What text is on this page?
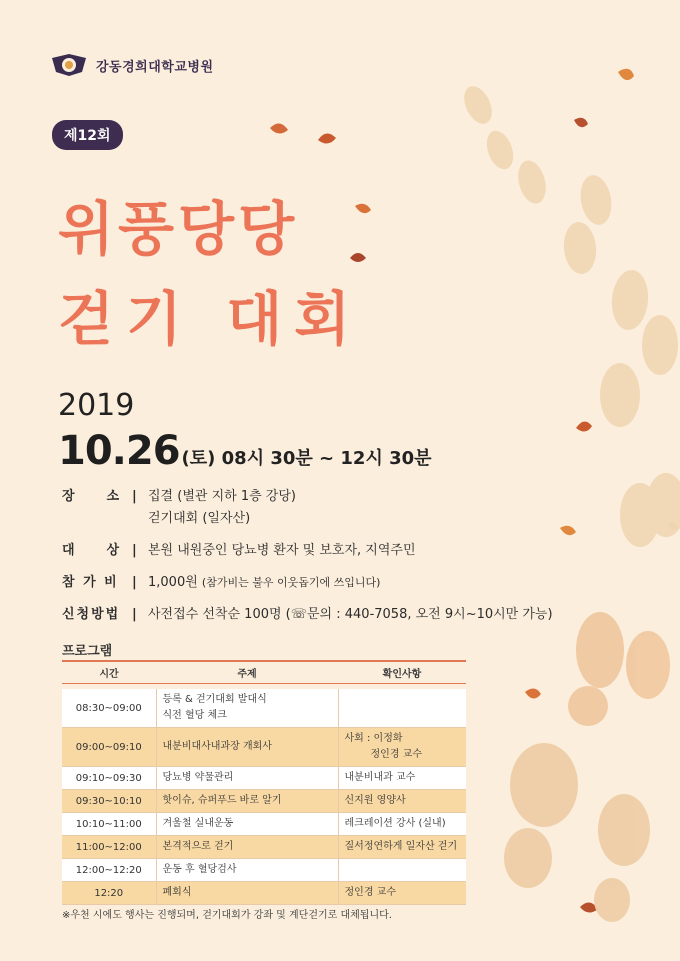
강동경희대학교병원
제12회
위풍당당
걷기 대회
2019
10.26 (토) 08시 30분 ~ 12시 30분
장　　소 | 집결 (별관 지하 1층 강당)
걷기대회 (일자산)
대　　상 | 본원 내원중인 당뇨병 환자 및 보호자, 지역주민
참 가 비	| 1,000원 (참가비는 불우 이웃돕기에 쓰입니다)
신청방법 | 사전접수 선착순 100명 (☏문의 : 440-7058, 오전 9시~10시만 가능)
프로그램
시간	주제	확인사항

08:30~09:00	등록 & 걷기대회 발대식
식전 혈당 체크	

09:00~09:10	내분비대사내과장 개회사	사회 : 이정화
정인경 교수

09:10~09:30	당뇨병 약물관리	내분비내과 교수

09:30~10:10	핫이슈, 슈퍼푸드 바로 알기	신지원 영양사

10:10~11:00	겨울철 실내운동	레크레이션 강사 (실내)

11:00~12:00	본격적으로 걷기	질서정연하게 일자산 걷기

12:00~12:20	운동 후 혈당검사	

12:20	폐회식	정인경 교수
※우천 시에도 행사는 진행되며, 걷기대회가 강좌 및 계단걷기로 대체됩니다.
